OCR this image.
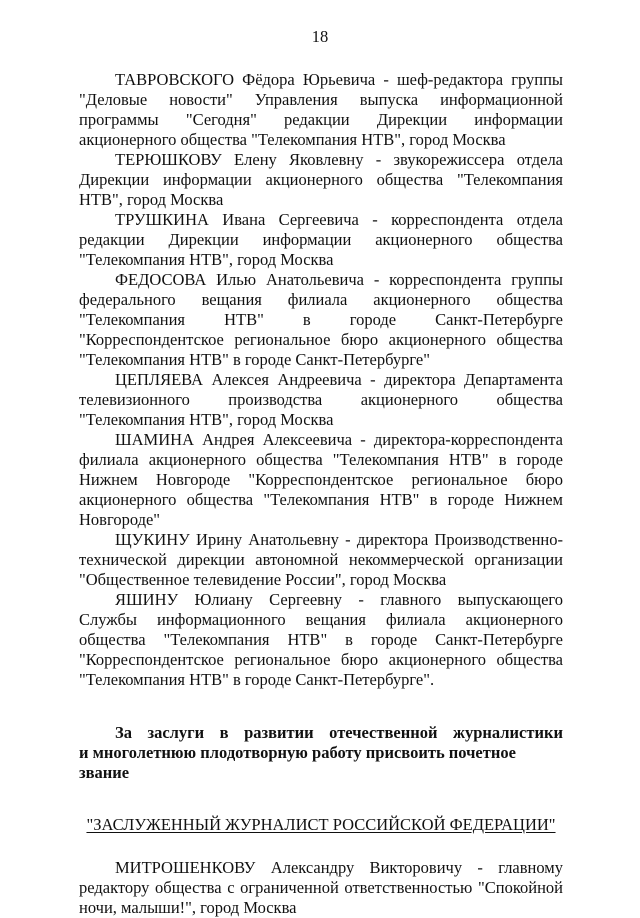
18

ТАВРОВСКОГО Фёдора Юрьевича - шеф-редактора группы "Деловые новости" Управления выпуска информационной программы "Сегодня" редакции Дирекции информации акционерного общества "Телекомпания НТВ", город Москва

ТЕРЮШКОВУ Елену Яковлевну - звукорежиссера отдела Дирекции информации акционерного общества "Телекомпания НТВ", город Москва

ТРУШКИНА Ивана Сергеевича - корреспондента отдела редакции Дирекции информации акционерного общества "Телекомпания НТВ", город Москва

ФЕДОСОВА Илью Анатольевича - корреспондента группы федерального вещания филиала акционерного общества "Телекомпания НТВ" в городе Санкт-Петербурге "Корреспондентское региональное бюро акционерного общества "Телекомпания НТВ" в городе Санкт-Петербурге"

ЦЕПЛЯЕВА Алексея Андреевича - директора Департамента телевизионного производства акционерного общества "Телекомпания НТВ", город Москва

ШАМИНА Андрея Алексеевича - директора-корреспондента филиала акционерного общества "Телекомпания НТВ" в городе Нижнем Новгороде "Корреспондентское региональное бюро акционерного общества "Телекомпания НТВ" в городе Нижнем Новгороде"

ЩУКИНУ Ирину Анатольевну - директора Производственно-технической дирекции автономной некоммерческой организации "Общественное телевидение России", город Москва

ЯШИНУ Юлиану Сергеевну - главного выпускающего Службы информационного вещания филиала акционерного общества "Телекомпания НТВ" в городе Санкт-Петербурге "Корреспондентское региональное бюро акционерного общества "Телекомпания НТВ" в городе Санкт-Петербурге".

За заслуги в развитии отечественной журналистики

и многолетнюю плодотворную работу присвоить почетное звание

"ЗАСЛУЖЕННЫЙ ЖУРНАЛИСТ РОССИЙСКОЙ ФЕДЕРАЦИИ"

МИТРОШЕНКОВУ Александру Викторовичу - главному редактору общества с ограниченной ответственностью "Спокойной ночи, малыши!", город Москва
